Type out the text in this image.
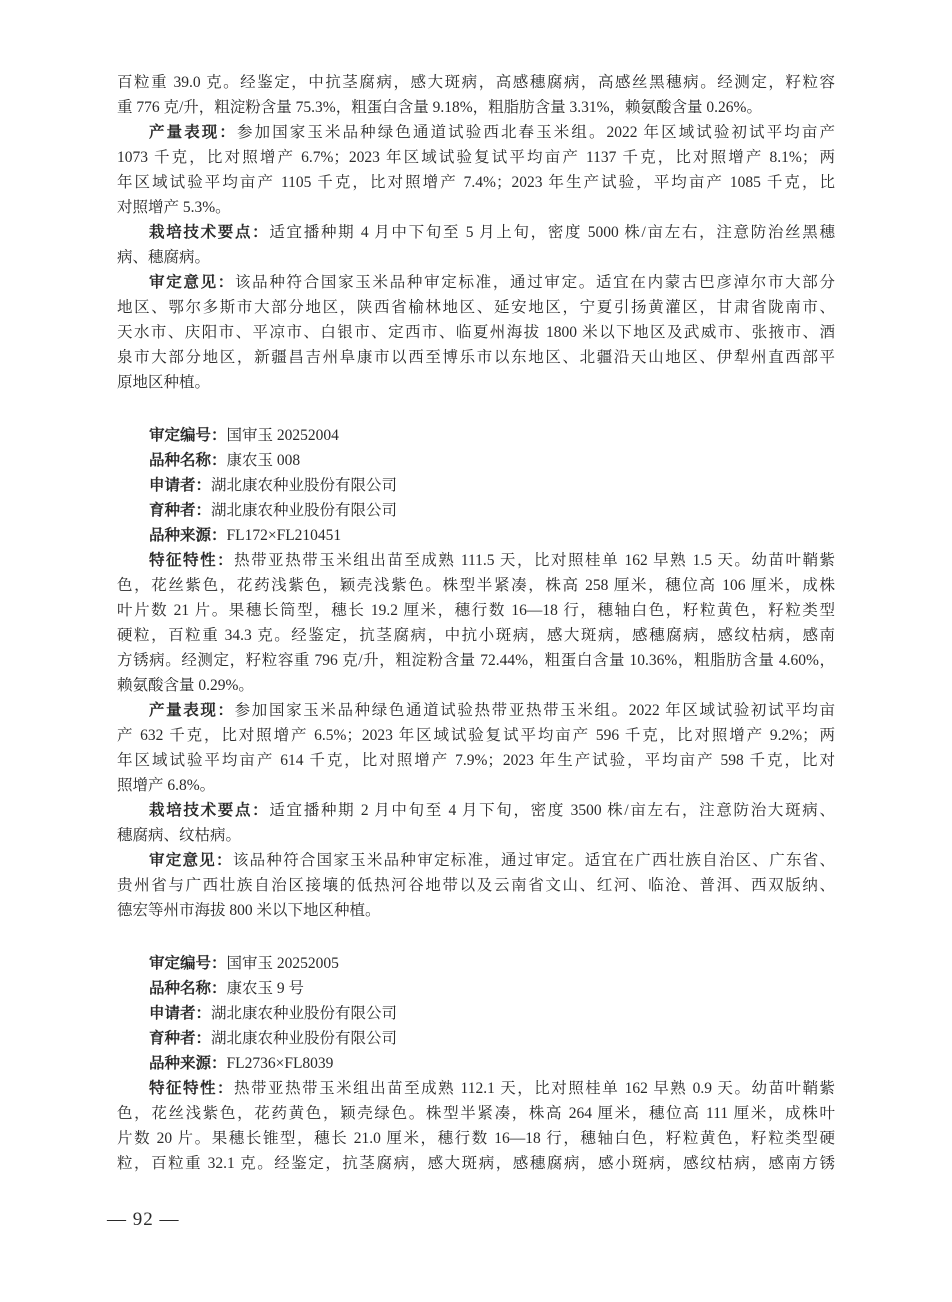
百粒重 39.0 克。经鉴定，中抗茎腐病，感大斑病，高感穗腐病，高感丝黑穗病。经测定，籽粒容
重 776 克/升，粗淀粉含量 75.3%，粗蛋白含量 9.18%，粗脂肪含量 3.31%，赖氨酸含量 0.26%。
产量表现：参加国家玉米品种绿色通道试验西北春玉米组。2022 年区域试验初试平均亩产
1073 千克，比对照增产 6.7%；2023 年区域试验复试平均亩产 1137 千克，比对照增产 8.1%；两
年区域试验平均亩产 1105 千克，比对照增产 7.4%；2023 年生产试验，平均亩产 1085 千克，比
对照增产 5.3%。
栽培技术要点：适宜播种期 4 月中下旬至 5 月上旬，密度 5000 株/亩左右，注意防治丝黑穗
病、穗腐病。
审定意见：该品种符合国家玉米品种审定标准，通过审定。适宜在内蒙古巴彦淖尔市大部分
地区、鄂尔多斯市大部分地区，陕西省榆林地区、延安地区，宁夏引扬黄灌区，甘肃省陇南市、
天水市、庆阳市、平凉市、白银市、定西市、临夏州海拔 1800 米以下地区及武威市、张掖市、酒
泉市大部分地区，新疆昌吉州阜康市以西至博乐市以东地区、北疆沿天山地区、伊犁州直西部平
原地区种植。
审定编号：国审玉 20252004
品种名称：康农玉 008
申请者：湖北康农种业股份有限公司
育种者：湖北康农种业股份有限公司
品种来源：FL172×FL210451
特征特性：热带亚热带玉米组出苗至成熟 111.5 天，比对照桂单 162 早熟 1.5 天。幼苗叶鞘紫
色，花丝紫色，花药浅紫色，颖壳浅紫色。株型半紧凑，株高 258 厘米，穗位高 106 厘米，成株
叶片数 21 片。果穗长筒型，穗长 19.2 厘米，穗行数 16—18 行，穗轴白色，籽粒黄色，籽粒类型
硬粒，百粒重 34.3 克。经鉴定，抗茎腐病，中抗小斑病，感大斑病，感穗腐病，感纹枯病，感南
方锈病。经测定，籽粒容重 796 克/升，粗淀粉含量 72.44%，粗蛋白含量 10.36%，粗脂肪含量 4.60%，
赖氨酸含量 0.29%。
产量表现：参加国家玉米品种绿色通道试验热带亚热带玉米组。2022 年区域试验初试平均亩
产 632 千克，比对照增产 6.5%；2023 年区域试验复试平均亩产 596 千克，比对照增产 9.2%；两
年区域试验平均亩产 614 千克，比对照增产 7.9%；2023 年生产试验，平均亩产 598 千克，比对
照增产 6.8%。
栽培技术要点：适宜播种期 2 月中旬至 4 月下旬，密度 3500 株/亩左右，注意防治大斑病、
穗腐病、纹枯病。
审定意见：该品种符合国家玉米品种审定标准，通过审定。适宜在广西壮族自治区、广东省、
贵州省与广西壮族自治区接壤的低热河谷地带以及云南省文山、红河、临沧、普洱、西双版纳、
德宏等州市海拔 800 米以下地区种植。
审定编号：国审玉 20252005
品种名称：康农玉 9 号
申请者：湖北康农种业股份有限公司
育种者：湖北康农种业股份有限公司
品种来源：FL2736×FL8039
特征特性：热带亚热带玉米组出苗至成熟 112.1 天，比对照桂单 162 早熟 0.9 天。幼苗叶鞘紫
色，花丝浅紫色，花药黄色，颖壳绿色。株型半紧凑，株高 264 厘米，穗位高 111 厘米，成株叶
片数 20 片。果穗长锥型，穗长 21.0 厘米，穗行数 16—18 行，穗轴白色，籽粒黄色，籽粒类型硬
粒，百粒重 32.1 克。经鉴定，抗茎腐病，感大斑病，感穗腐病，感小斑病，感纹枯病，感南方锈
— 92 —
